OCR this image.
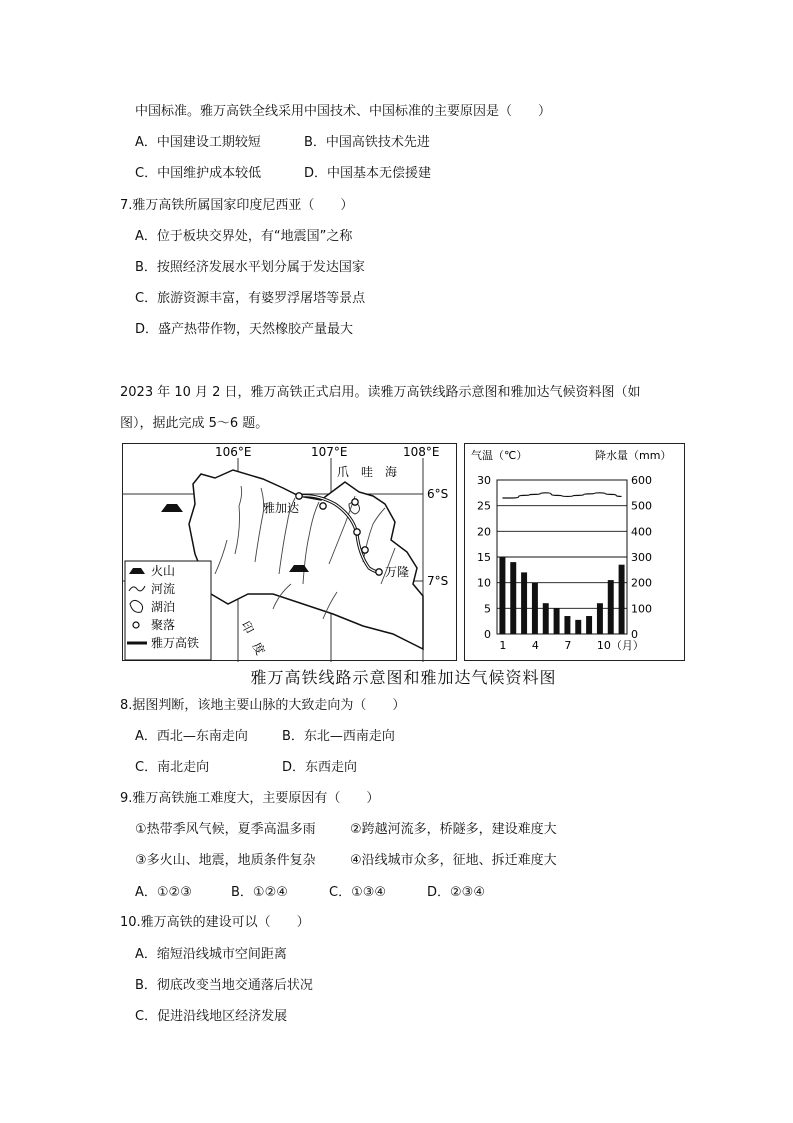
中国标准。雅万高铁全线采用中国技术、中国标准的主要原因是（　　）
A．中国建设工期较短	B．中国高铁技术先进
C．中国维护成本较低	D．中国基本无偿援建
7.雅万高铁所属国家印度尼西亚（　　）
A．位于板块交界处，有“地震国”之称
B．按照经济发展水平划分属于发达国家
C．旅游资源丰富，有婆罗浮屠塔等景点
D．盛产热带作物，天然橡胶产量最大
2023 年 10 月 2 日，雅万高铁正式启用。读雅万高铁线路示意图和雅加达气候资料图（如
图），据此完成 5～6 题。
106°E	107°E	108°E
6°S
7°S
爪　哇　海
雅加达
万隆
印　度　洋
火山
河流
湖泊
聚落
雅万高铁
气温（℃）	降水量（mm）
0
5
10
15
20
25
30
0
100
200
300
400
500
600
1 4 7 10（月）
雅万高铁线路示意图和雅加达气候资料图
8.据图判断，该地主要山脉的大致走向为（　　）
A．西北—东南走向	B．东北—西南走向
C．南北走向	D．东西走向
9.雅万高铁施工难度大，主要原因有（　　）
①热带季风气候，夏季高温多雨	②跨越河流多，桥隧多，建设难度大
③多火山、地震，地质条件复杂	④沿线城市众多，征地、拆迁难度大
A．①②③	B．①②④	C．①③④	D．②③④
10.雅万高铁的建设可以（　　）
A．缩短沿线城市空间距离
B．彻底改变当地交通落后状况
C．促进沿线地区经济发展
